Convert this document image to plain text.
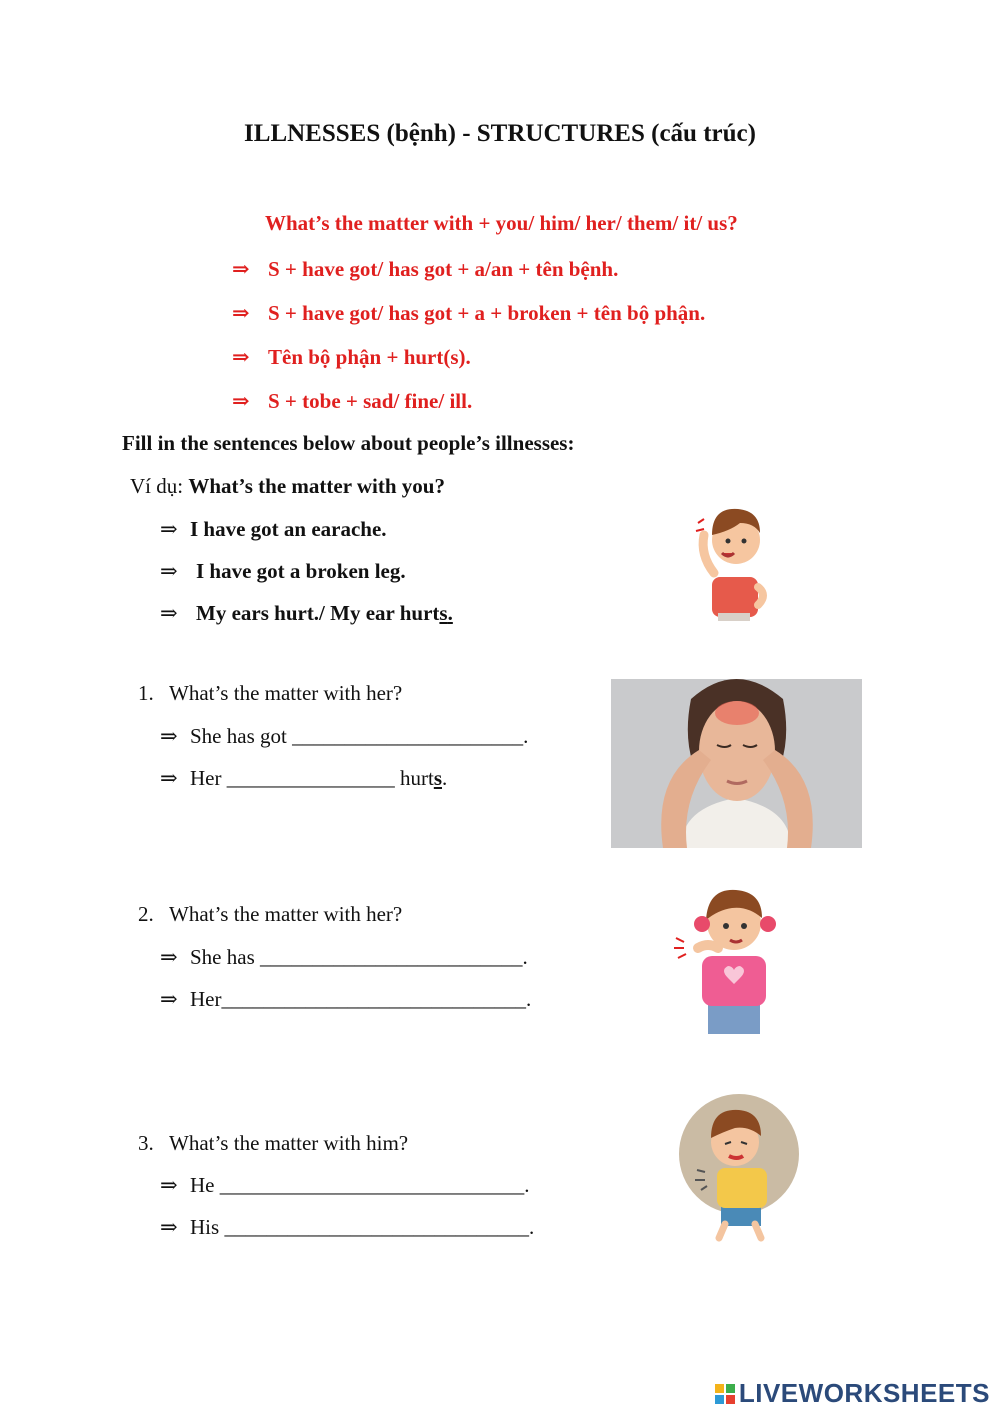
ILLNESSES (bệnh) - STRUCTURES (cấu trúc)
What’s the matter with + you/ him/ her/ them/ it/ us?
⇒ S + have got/ has got + a/an + tên bệnh.
⇒ S + have got/ has got + a + broken + tên bộ phận.
⇒ Tên bộ phận + hurt(s).
⇒ S + tobe + sad/ fine/ ill.
Fill in the sentences below about people’s illnesses:
Ví dụ: What’s the matter with you?
⇒ I have got an earache.
⇒ I have got a broken leg.
⇒ My ears hurt./ My ear hurts.
1. What’s the matter with her?
⇒ She has got ______________________.
⇒ Her ________________ hurts.
2. What’s the matter with her?
⇒ She has _________________________.
⇒ Her_____________________________.
3. What’s the matter with him?
⇒ He _____________________________.
⇒ His _____________________________.
LIVEWORKSHEETS
